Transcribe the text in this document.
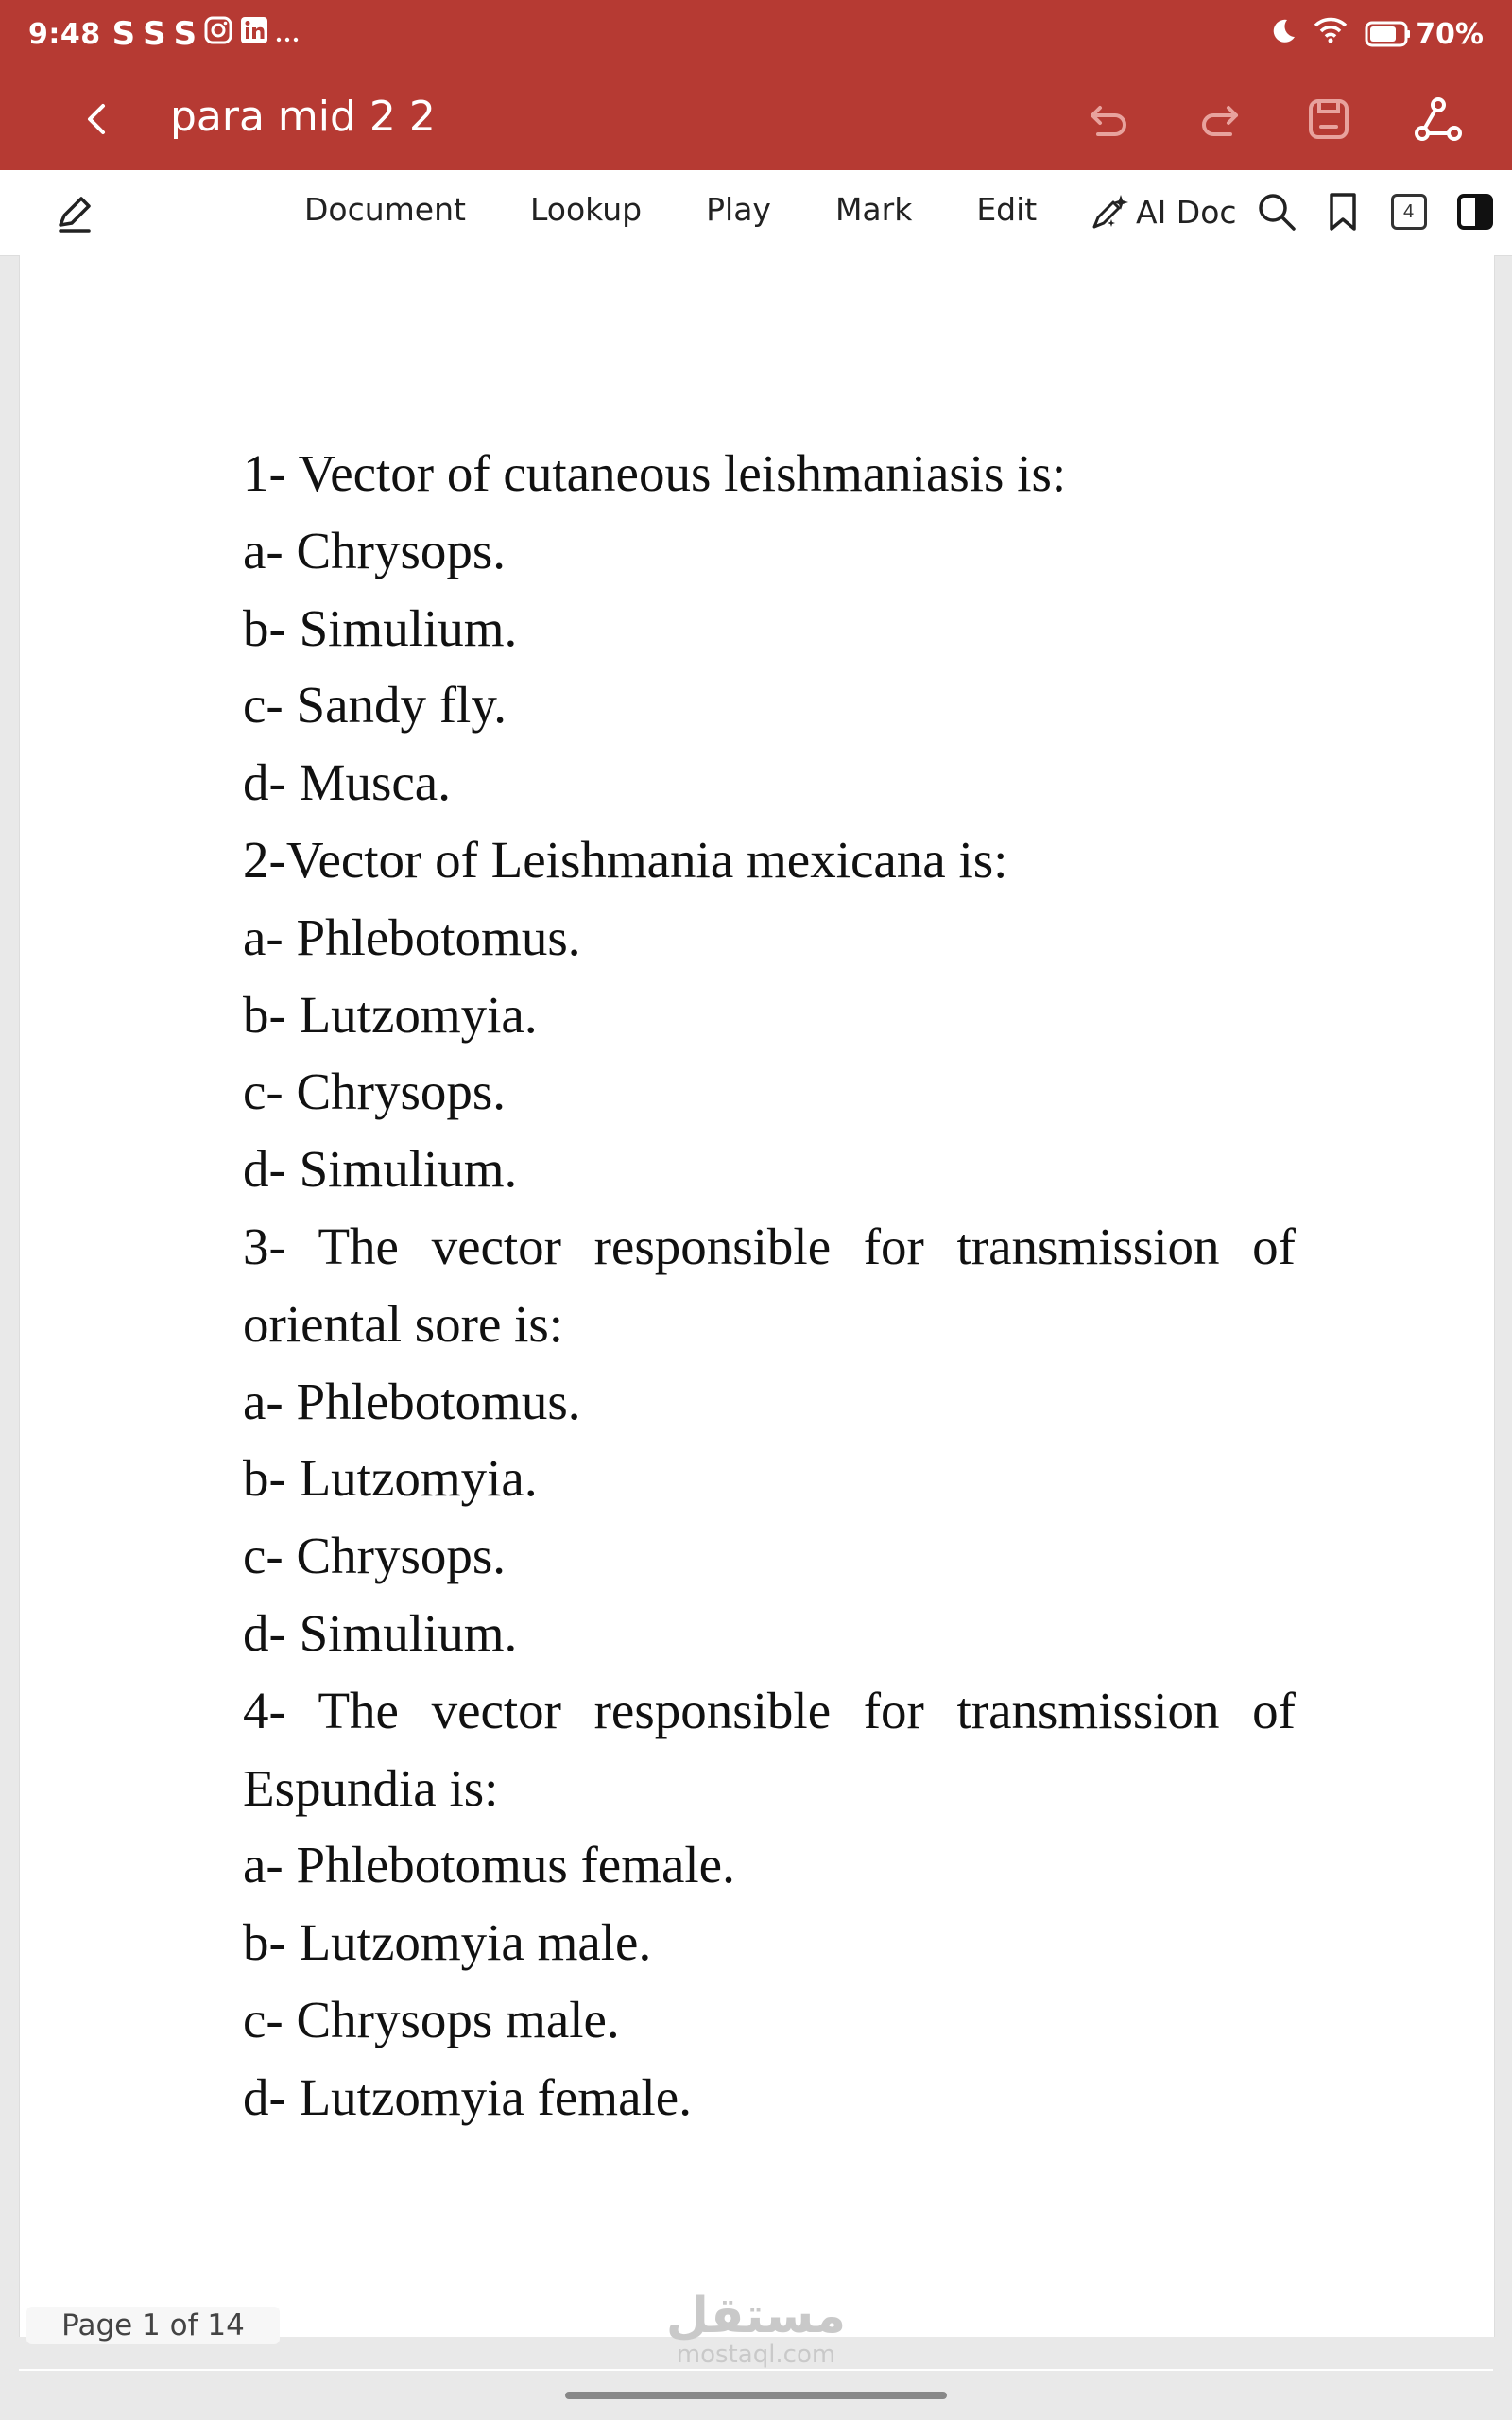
9:48 S S S	70%
para mid 2 2
Document Lookup Play Mark Edit	AI Doc	4
1- Vector of cutaneous leishmaniasis is:
a- Chrysops.
b- Simulium.
c- Sandy fly.
d- Musca.
2-Vector of Leishmania mexicana is:
a- Phlebotomus.
b- Lutzomyia.
c- Chrysops.
d- Simulium.
3- The vector responsible for transmission of
oriental sore is:
a- Phlebotomus.
b- Lutzomyia.
c- Chrysops.
d- Simulium.
4- The vector responsible for transmission of
Espundia is:
a- Phlebotomus female.
b- Lutzomyia male.
c- Chrysops male.
d- Lutzomyia female.
Page 1 of 14	مستقل
mostaql.com
